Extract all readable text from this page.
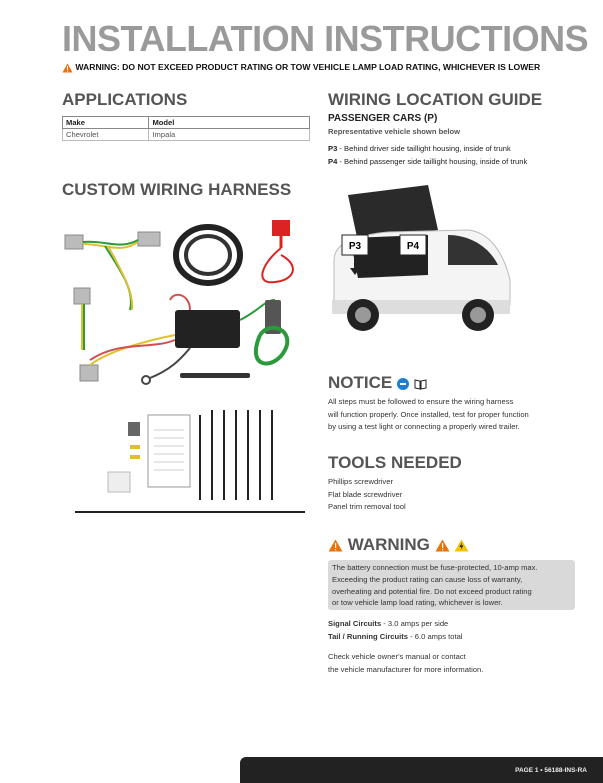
INSTALLATION INSTRUCTIONS
WARNING: DO NOT EXCEED PRODUCT RATING OR TOW VEHICLE LAMP LOAD RATING, WHICHEVER IS LOWER
APPLICATIONS
Make	Model
Chevrolet	Impala
CUSTOM WIRING HARNESS
WIRING LOCATION GUIDE
PASSENGER CARS (P)
Representative vehicle shown below
P3 - Behind driver side taillight housing, inside of trunk
P4 - Behind passenger side taillight housing, inside of trunk
P3	P4
NOTICE
All steps must be followed to ensure the wiring harness
will function properly. Once installed, test for proper function
by using a test light or connecting a properly wired trailer.
TOOLS NEEDED
Phillips screwdriver
Flat blade screwdriver
Panel trim removal tool
WARNING
The battery connection must be fuse-protected, 10-amp max.
Exceeding the product rating can cause loss of warranty,
overheating and potential fire. Do not exceed product rating
or tow vehicle lamp load rating, whichever is lower.
Signal Circuits - 3.0 amps per side
Tail / Running Circuits - 6.0 amps total
Check vehicle owner's manual or contact
the vehicle manufacturer for more information.
PAGE 1 • 56188-INS-RA
